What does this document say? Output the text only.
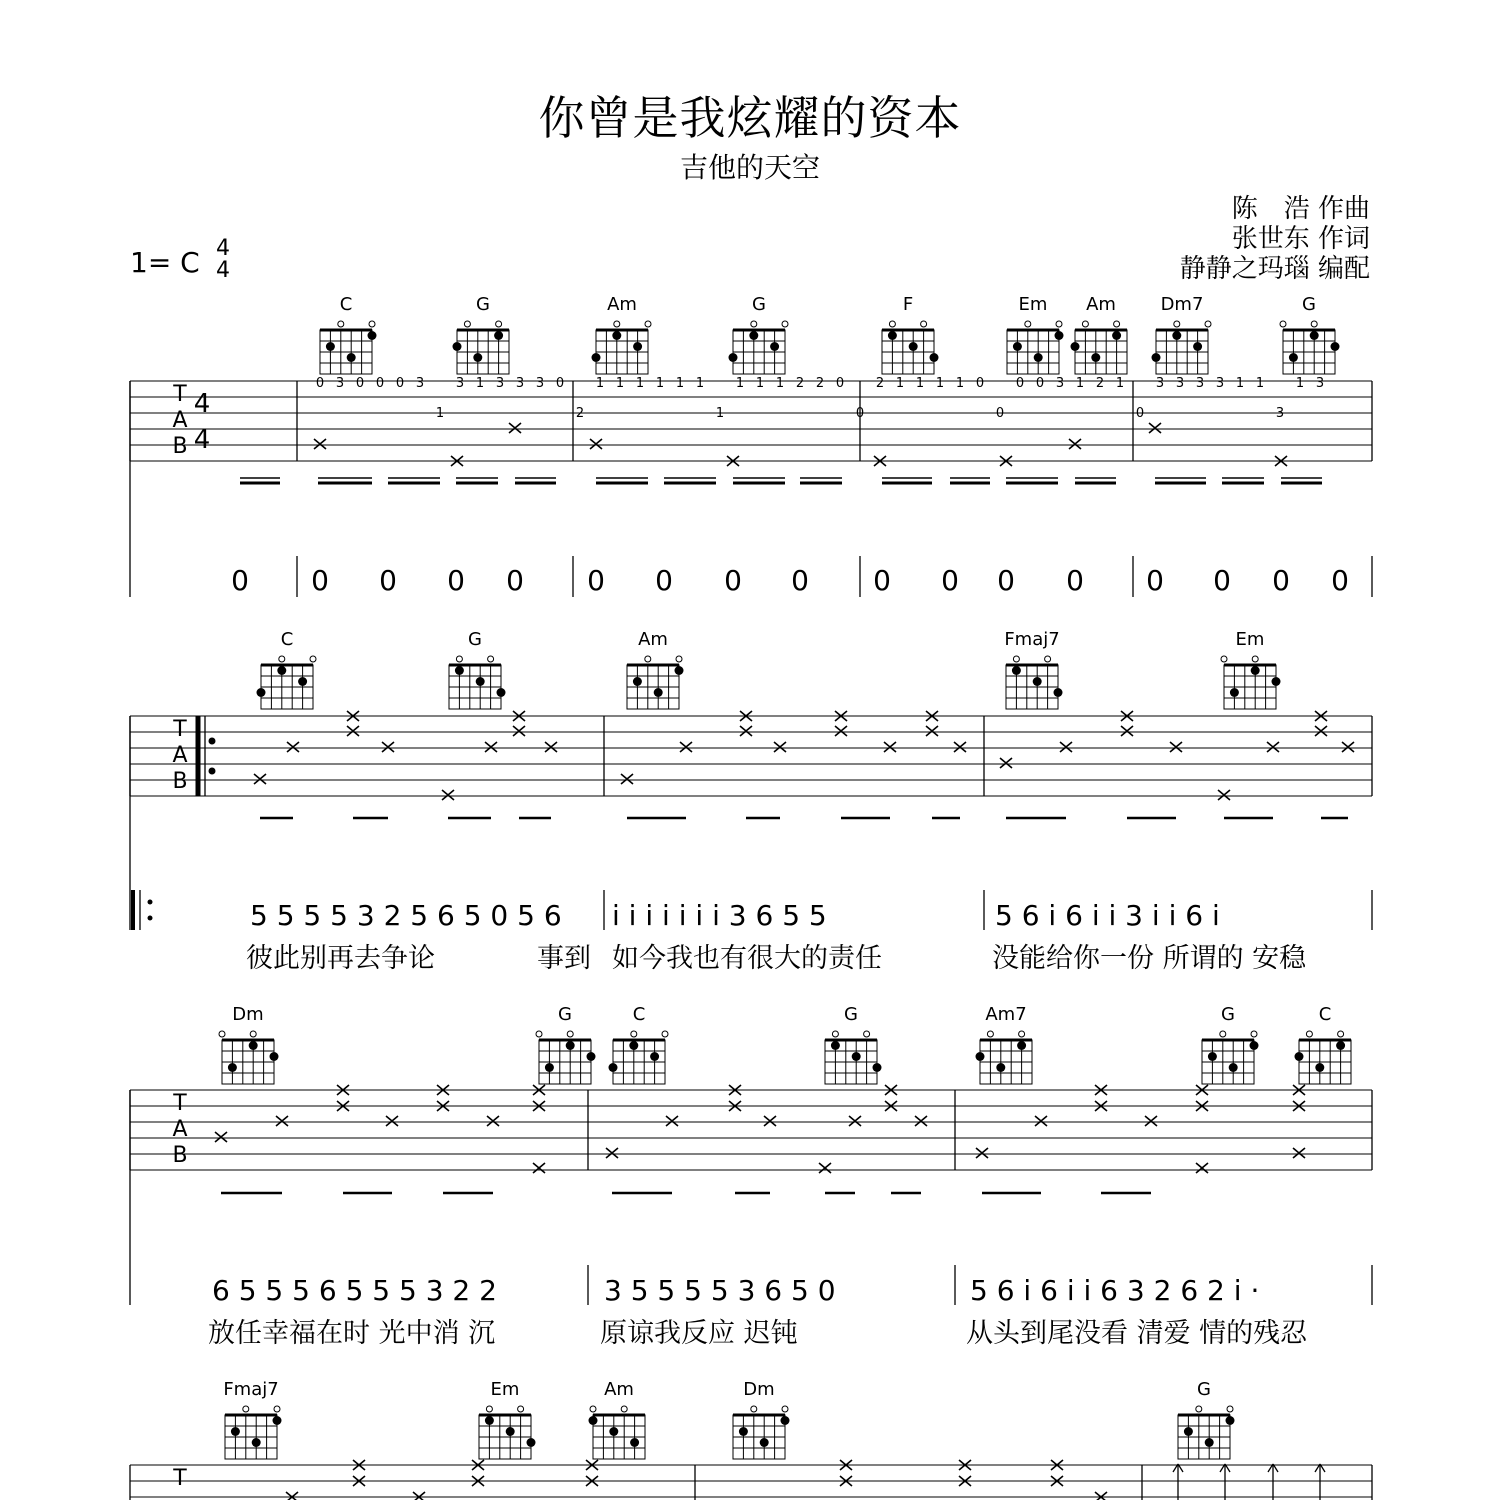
你曾是我炫耀的资本
吉他的天空
陈　浩 作曲
张世东 作词
静静之玛瑙 编配
1= C 4
4
C	G	Am	G	F	Em Am Dm7	G
T
A
B
4
4
0 3 0 0 0 3
1
3 1 3 3 3 0
2
1 1 1 1 1 1
1
1 1 1 2 2 0
0
2 1 1 1 1 0
0
0 0 3 1 2 1
0
3 3 3 3 1 1
3
1 3
0 0 0 0 0 0 0 0 0 0 0 0 0 0 0 0 0
C	G	Am	Fmaj7	Em
T
A
B
5 5 5 5 3 2 5 6 5 0 5 6 i i i i i i i 3 6 5 5	5 6 i 6 i i 3 i i 6 i
彼此别再去争论	事到 如今我也有很大的责任	没能给你一份 所谓的 安稳
Dm	G	C	G	Am7	G	C
T
A
B
6 5 5 5 6 5 5 5 3 2 2	3 5 5 5 5 3 6 5 0	5 6 i 6 i i 6 3 2 6 2 i ·
放任幸福在时 光中消 沉	原谅我反应 迟钝	从头到尾没看 清爱 情的残忍
Fmaj7	Em	Am	Dm	G
T
